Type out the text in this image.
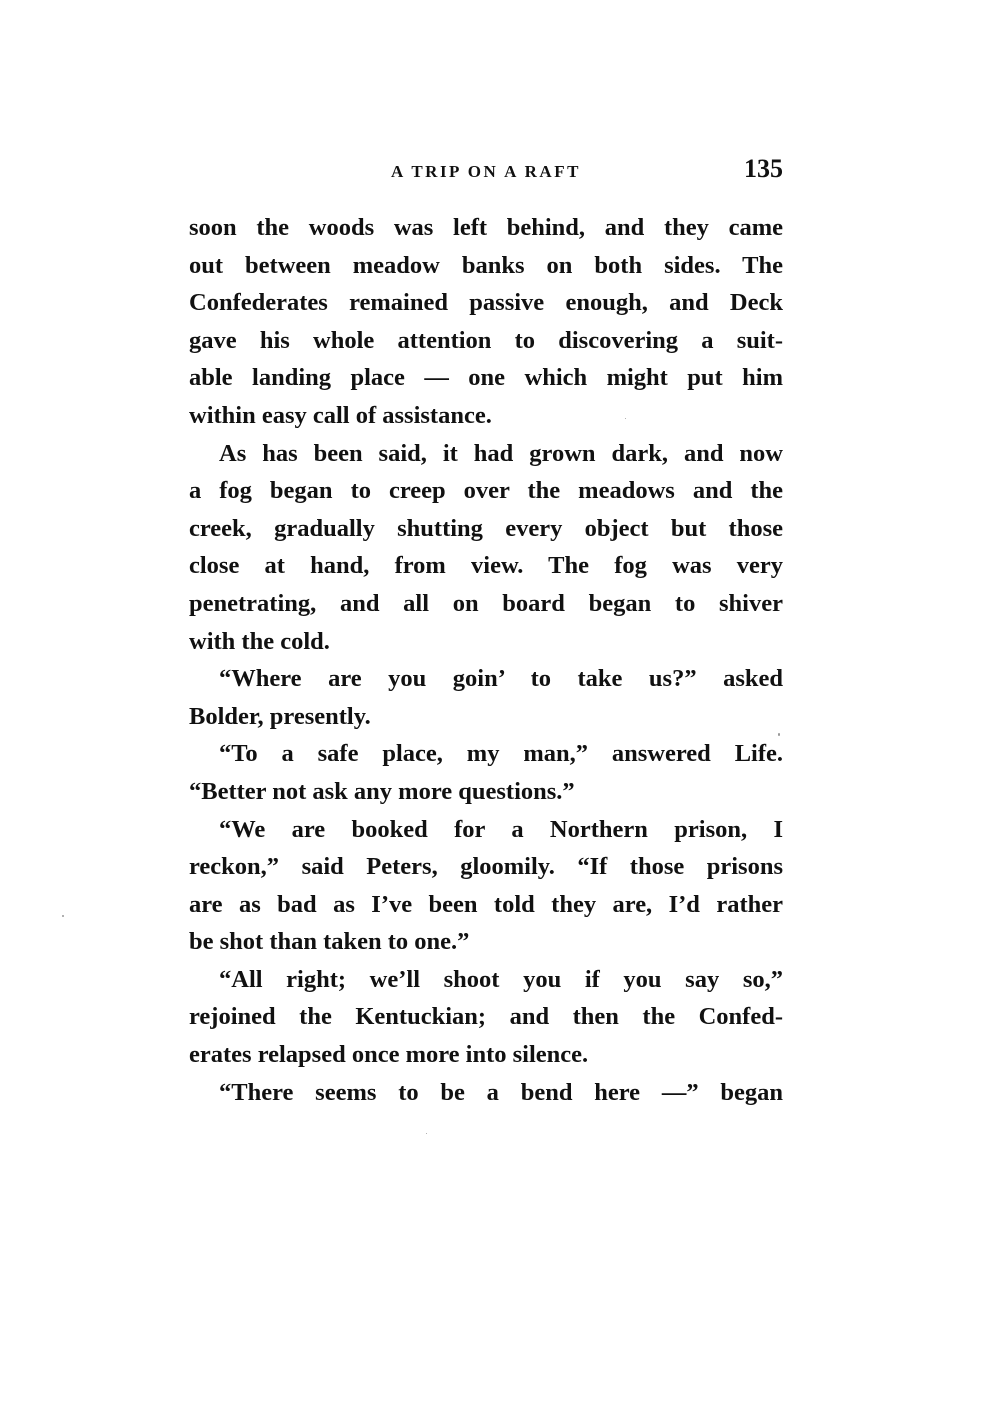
A TRIP ON A RAFT	135
soon the woods was left behind, and they came
out between meadow banks on both sides. The
Confederates remained passive enough, and Deck
gave his whole attention to discovering a suit-
able landing place — one which might put him
within easy call of assistance.
As has been said, it had grown dark, and now
a fog began to creep over the meadows and the
creek, gradually shutting every object but those
close at hand, from view. The fog was very
penetrating, and all on board began to shiver
with the cold.
“Where are you goin’ to take us?” asked
Bolder, presently.
“To a safe place, my man,” answered Life.
“Better not ask any more questions.”
“We are booked for a Northern prison, I
reckon,” said Peters, gloomily. “If those prisons
are as bad as I’ve been told they are, I’d rather
be shot than taken to one.”
“All right; we’ll shoot you if you say so,”
rejoined the Kentuckian; and then the Confed-
erates relapsed once more into silence.
“There seems to be a bend here —” began
